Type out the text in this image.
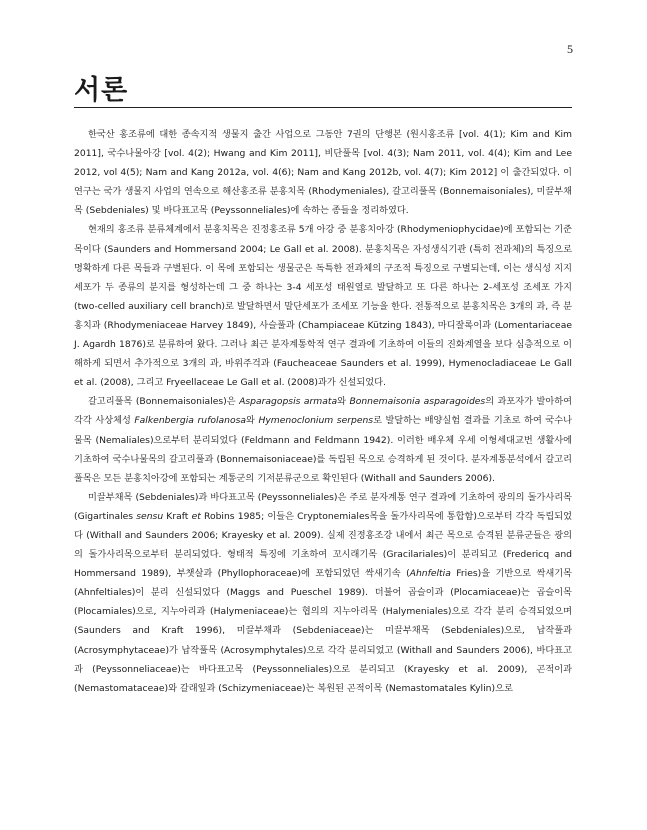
5
서론

한국산 홍조류에 대한 종속지적 생물지 출간 사업으로 그동안 7권의 단행본 (원시홍조류 [vol. 4(1); Kim and Kim 2011], 국수나물아강 [vol. 4(2); Hwang and Kim 2011], 비단풀목 [vol. 4(3); Nam 2011, vol. 4(4); Kim and Lee 2012, vol 4(5); Nam and Kang 2012a, vol. 4(6); Nam and Kang 2012b, vol. 4(7); Kim 2012] 이 출간되었다. 이 연구는 국가 생물지 사업의 연속으로 해산홍조류 분홍치목 (Rhodymeniales), 갈고리풀목 (Bonnemaisoniales), 미끌부채목 (Sebdeniales) 및 바다표고목 (Peyssonneliales)에 속하는 종들을 정리하였다.

현재의 홍조류 분류체계에서 분홍치목은 진정홍조류 5개 아강 중 분홍치아강 (Rhodymeniophycidae)에 포함되는 기준 목이다 (Saunders and Hommersand 2004; Le Gall et al. 2008). 분홍치목은 자성생식기관 (특히 전과체)의 특징으로 명확하게 다른 목들과 구별된다. 이 목에 포함되는 생물군은 독특한 전과체의 구조적 특징으로 구별되는데, 이는 생식성 지지세포가 두 종류의 분지를 형성하는데 그 중 하나는 3-4 세포성 태원열로 발달하고 또 다른 하나는 2-세포성 조세포 가지 (two-celled auxiliary cell branch)로 발달하면서 말단세포가 조세포 기능을 한다. 전통적으로 분홍치목은 3개의 과, 즉 분홍치과 (Rhodymeniaceae Harvey 1849), 사슬풀과 (Champiaceae Kützing 1843), 마디잘록이과 (Lomentariaceae J. Agardh 1876)로 분류하여 왔다. 그러나 최근 분자계통학적 연구 결과에 기초하여 이들의 진화계열을 보다 심층적으로 이해하게 되면서 추가적으로 3개의 과, 바위주걱과 (Faucheaceae Saunders et al. 1999), Hymenocladiaceae Le Gall et al. (2008), 그리고 Fryeellaceae Le Gall et al. (2008)과가 신설되었다.

갈고리풀목 (Bonnemaisoniales)은 Asparagopsis armata와 Bonnemaisonia asparagoides의 과포자가 발아하여 각각 사상체성 Falkenbergia rufolanosa와 Hymenoclonium serpens로 발달하는 배양실험 결과를 기초로 하여 국수나물목 (Nemaliales)으로부터 분리되었다 (Feldmann and Feldmann 1942). 이러한 배우체 우세 이형세대교번 생활사에 기초하여 국수나물목의 갈고리풀과 (Bonnemaisoniaceae)를 독립된 목으로 승격하게 된 것이다. 분자계통분석에서 갈고리풀목은 모든 분홍치아강에 포함되는 계통군의 기저분류군으로 확인된다 (Withall and Saunders 2006).

미끌부채목 (Sebdeniales)과 바다표고목 (Peyssonneliales)은 주로 분자계통 연구 결과에 기초하여 광의의 돌가사리목 (Gigartinales sensu Kraft et Robins 1985; 이들은 Cryptonemiales목을 돌가사리목에 통합함)으로부터 각각 독립되었다 (Withall and Saunders 2006; Krayesky et al. 2009). 실제 진정홍조강 내에서 최근 목으로 승격된 분류군들은 광의의 돌가사리목으로부터 분리되었다. 형태적 특징에 기초하여 꼬시래기목 (Gracilariales)이 분리되고 (Fredericq and Hommersand 1989), 부챗살과 (Phyllophoraceae)에 포함되었던 싹새기속 (Ahnfeltia Fries)을 기반으로 싹새기목 (Ahnfeltiales)이 분리 신설되었다 (Maggs and Pueschel 1989). 더불어 곱슬이과 (Plocamiaceae)는 곱슬이목 (Plocamiales)으로, 지누아리과 (Halymeniaceae)는 협의의 지누아리목 (Halymeniales)으로 각각 분리 승격되었으며 (Saunders and Kraft 1996), 미끌부채과 (Sebdeniaceae)는 미끌부채목 (Sebdeniales)으로, 납작풀과 (Acrosymphytaceae)가 납작풀목 (Acrosymphytales)으로 각각 분리되었고 (Withall and Saunders 2006), 바다표고과 (Peyssonneliaceae)는 바다표고목 (Peyssonneliales)으로 분리되고 (Krayesky et al. 2009), 곤적이과 (Nemastomataceae)와 갈래잎과 (Schizymeniaceae)는 복원된 곤적이목 (Nemastomatales Kylin)으로
